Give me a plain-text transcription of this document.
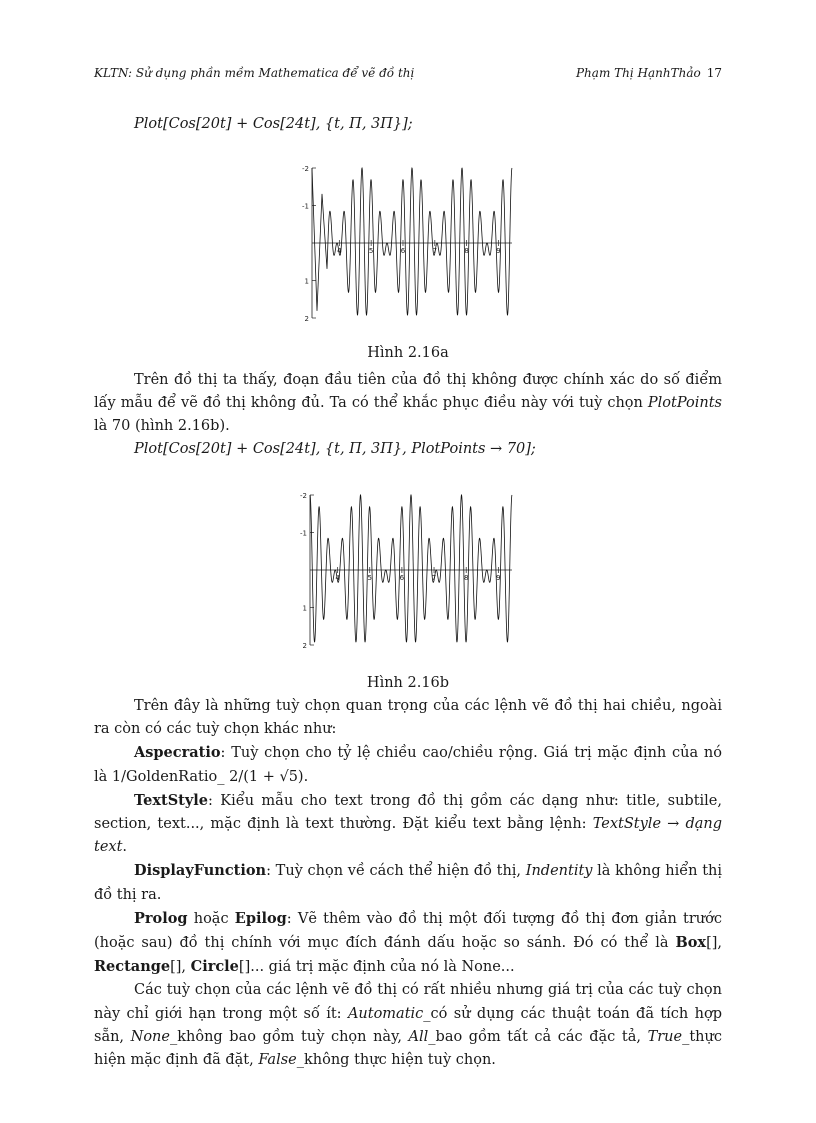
KLTN: Sử dụng phần mềm Mathematica để vẽ đồ thị	Phạm Thị HạnhThảo 17
Plot[Cos[20t] + Cos[24t], {t, Π, 3Π}];
2
1
-1
-2
4	5	6	7	8	9
Hình 2.16a

Trên đồ thị ta thấy, đoạn đầu tiên của đồ thị không được chính xác do số điểm lấy mẫu để vẽ đồ thị không đủ. Ta có thể khắc phục điều này với tuỳ chọn PlotPoints là 70 (hình 2.16b).

Plot[Cos[20t] + Cos[24t], {t, Π, 3Π}, PlotPoints → 70];
2
1
-1
-2
4	5	6	7	8	9
Hình 2.16b

Trên đây là những tuỳ chọn quan trọng của các lệnh vẽ đồ thị hai chiều, ngoài ra còn có các tuỳ chọn khác như:

Aspecratio: Tuỳ chọn cho tỷ lệ chiều cao/chiều rộng. Giá trị mặc định của nó là 1/GoldenRatio_ 2/(1 + √5).

TextStyle: Kiểu mẫu cho text trong đồ thị gồm các dạng như: title, subtile, section, text..., mặc định là text thường. Đặt kiểu text bằng lệnh: TextStyle → dạng text.

DisplayFunction: Tuỳ chọn về cách thể hiện đồ thị, Indentity là không hiển thị đồ thị ra.

Prolog hoặc Epilog: Vẽ thêm vào đồ thị một đối tượng đồ thị đơn giản trước (hoặc sau) đồ thị chính với mục đích đánh dấu hoặc so sánh. Đó có thể là Box[], Rectange[], Circle[]... giá trị mặc định của nó là None...

Các tuỳ chọn của các lệnh vẽ đồ thị có rất nhiều nhưng giá trị của các tuỳ chọn này chỉ giới hạn trong một số ít: Automatic_có sử dụng các thuật toán đã tích hợp sẵn, None_không bao gồm tuỳ chọn này, All_bao gồm tất cả các đặc tả, True_thực hiện mặc định đã đặt, False_không thực hiện tuỳ chọn.
